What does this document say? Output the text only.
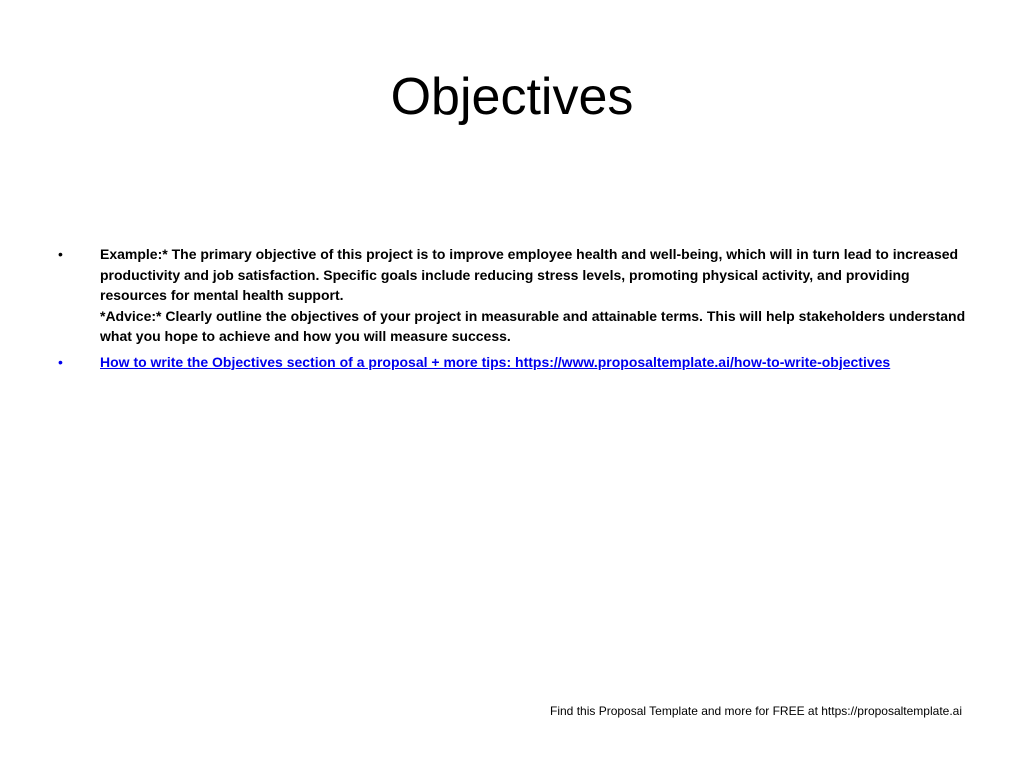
Objectives
•	Example:* The primary objective of this project is to improve employee health and well-being, which will in turn lead to increased productivity and job satisfaction. Specific goals include reducing stress levels, promoting physical activity, and providing resources for mental health support.

*Advice:* Clearly outline the objectives of your project in measurable and attainable terms. This will help stakeholders understand what you hope to achieve and how you will measure success.

•	How to write the Objectives section of a proposal + more tips: https://www.proposaltemplate.ai/how-to-write-objectives
Find this Proposal Template and more for FREE at https://proposaltemplate.ai
